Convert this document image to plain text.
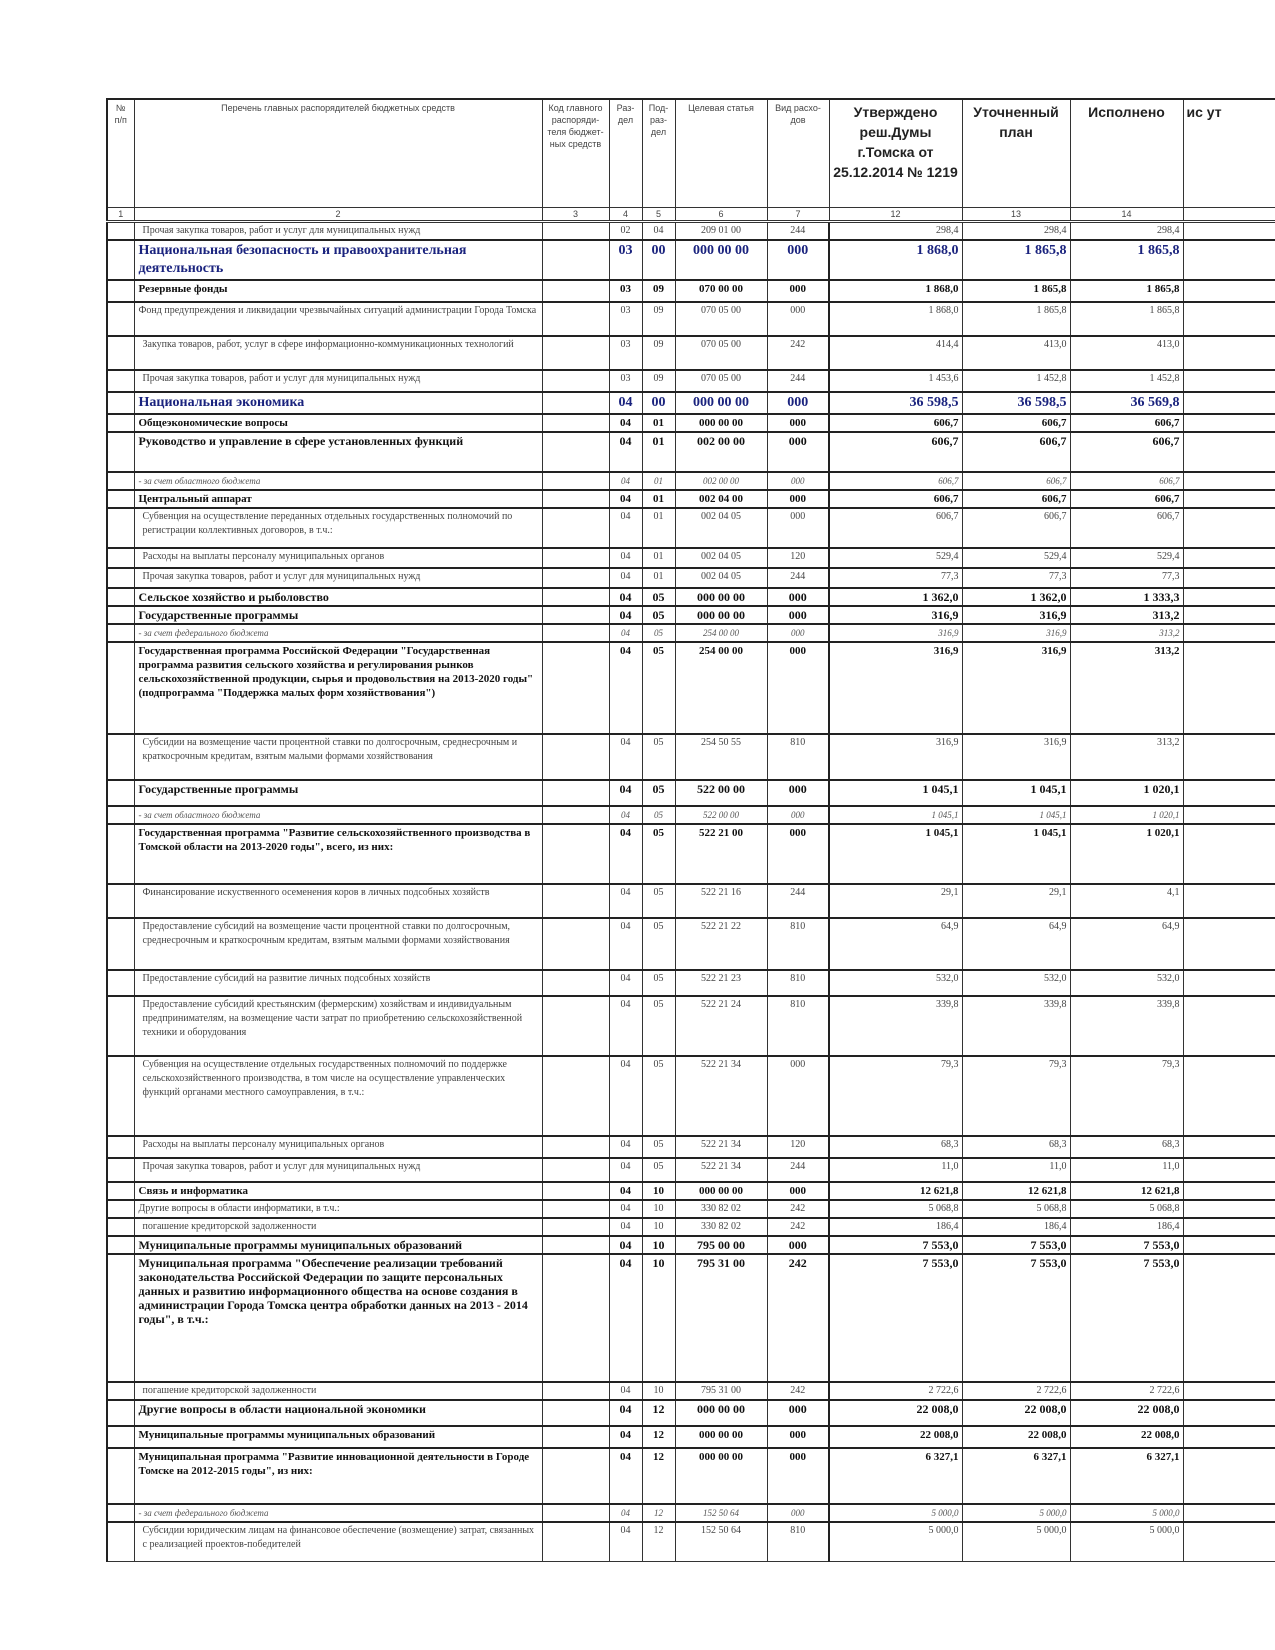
№ п/п	Перечень главных распорядителей бюджетных средств	Код главного распоряди-теля бюджет-ных средств	Раз-дел	Под-раз-дел	Целевая статья	Вид расхо-дов	Утверждено реш.Думы г.Томска от 25.12.2014 № 1219	Уточненный план	Исполнено	ис ут
1	2	3	4	5	6	7	12	13	14	
	Прочая закупка товаров, работ и услуг для муниципальных нужд		02	04	209 01 00	244	298,4	298,4	298,4	
	Национальная безопасность и правоохранительная деятельность		03	00	000 00 00	000	1 868,0	1 865,8	1 865,8	
	Резервные фонды		03	09	070 00 00	000	1 868,0	1 865,8	1 865,8	
	Фонд предупреждения и ликвидации чрезвычайных ситуаций администрации Города Томска		03	09	070 05 00	000	1 868,0	1 865,8	1 865,8	
	Закупка товаров, работ, услуг в сфере информационно-коммуникационных технологий		03	09	070 05 00	242	414,4	413,0	413,0	
	Прочая закупка товаров, работ и услуг для муниципальных нужд		03	09	070 05 00	244	1 453,6	1 452,8	1 452,8	
	Национальная экономика		04	00	000 00 00	000	36 598,5	36 598,5	36 569,8	
	Общеэкономические вопросы		04	01	000 00 00	000	606,7	606,7	606,7	
	Руководство и управление в сфере установленных функций		04	01	002 00 00	000	606,7	606,7	606,7	
	- за счет областного бюджета		04	01	002 00 00	000	606,7	606,7	606,7	
	Центральный аппарат		04	01	002 04 00	000	606,7	606,7	606,7	
	Субвенция на осуществление переданных отдельных государственных полномочий по регистрации коллективных договоров, в т.ч.:		04	01	002 04 05	000	606,7	606,7	606,7	
	Расходы на выплаты персоналу муниципальных органов		04	01	002 04 05	120	529,4	529,4	529,4	
	Прочая закупка товаров, работ и услуг для муниципальных нужд		04	01	002 04 05	244	77,3	77,3	77,3	
	Сельское хозяйство и рыболовство		04	05	000 00 00	000	1 362,0	1 362,0	1 333,3	
	Государственные программы		04	05	000 00 00	000	316,9	316,9	313,2	
	- за счет федерального бюджета		04	05	254 00 00	000	316,9	316,9	313,2	
	Государственная программа Российской Федерации "Государственная программа развития сельского хозяйства и регулирования рынков сельскохозяйственной продукции, сырья и продовольствия на 2013-2020 годы" (подпрограмма "Поддержка малых форм хозяйствования")		04	05	254 00 00	000	316,9	316,9	313,2	
	Субсидии на возмещение части процентной ставки по долгосрочным, среднесрочным и краткосрочным кредитам, взятым малыми формами хозяйствования		04	05	254 50 55	810	316,9	316,9	313,2	
	Государственные программы		04	05	522 00 00	000	1 045,1	1 045,1	1 020,1	
	- за счет областного бюджета		04	05	522 00 00	000	1 045,1	1 045,1	1 020,1	
	Государственная программа "Развитие сельскохозяйственного производства в Томской области на 2013-2020 годы", всего, из них:		04	05	522 21 00	000	1 045,1	1 045,1	1 020,1	
	Финансирование искуственного осеменения коров в личных подсобных хозяйств		04	05	522 21 16	244	29,1	29,1	4,1	
	Предоставление субсидий на возмещение части процентной ставки по долгосрочным, среднесрочным и краткосрочным кредитам, взятым малыми формами хозяйствования		04	05	522 21 22	810	64,9	64,9	64,9	
	Предоставление субсидий на развитие личных подсобных хозяйств		04	05	522 21 23	810	532,0	532,0	532,0	
	Предоставление субсидий крестьянским (фермерским) хозяйствам и индивидуальным предпринимателям, на возмещение части затрат по приобретению сельскохозяйственной техники и оборудования		04	05	522 21 24	810	339,8	339,8	339,8	
	Субвенция на осуществление отдельных государственных полномочий по поддержке сельскохозяйственного производства, в том числе на осуществление управленческих функций органами местного самоуправления, в т.ч.:		04	05	522 21 34	000	79,3	79,3	79,3	
	Расходы на выплаты персоналу муниципальных органов		04	05	522 21 34	120	68,3	68,3	68,3	
	Прочая закупка товаров, работ и услуг для муниципальных нужд		04	05	522 21 34	244	11,0	11,0	11,0	
	Связь и информатика		04	10	000 00 00	000	12 621,8	12 621,8	12 621,8	
	Другие вопросы в области информатики, в т.ч.:		04	10	330 82 02	242	5 068,8	5 068,8	5 068,8	
	погашение кредиторской задолженности		04	10	330 82 02	242	186,4	186,4	186,4	
	Муниципальные программы муниципальных образований		04	10	795 00 00	000	7 553,0	7 553,0	7 553,0	
	Муниципальная программа "Обеспечение реализации требований законодательства Российской Федерации по защите персональных данных и развитию информационного общества на основе создания в администрации Города Томска центра обработки данных на 2013 - 2014 годы", в т.ч.:		04	10	795 31 00	242	7 553,0	7 553,0	7 553,0	
	погашение кредиторской задолженности		04	10	795 31 00	242	2 722,6	2 722,6	2 722,6	
	Другие вопросы в области национальной экономики		04	12	000 00 00	000	22 008,0	22 008,0	22 008,0	
	Муниципальные программы муниципальных образований		04	12	000 00 00	000	22 008,0	22 008,0	22 008,0	
	Муниципальная программа "Развитие инновационной деятельности в Городе Томске на 2012-2015 годы", из них:		04	12	000 00 00	000	6 327,1	6 327,1	6 327,1	
	- за счет федерального бюджета		04	12	152 50 64	000	5 000,0	5 000,0	5 000,0	
	Субсидии юридическим лицам на финансовое обеспечение (возмещение) затрат, связанных с реализацией проектов-победителей		04	12	152 50 64	810	5 000,0	5 000,0	5 000,0	
